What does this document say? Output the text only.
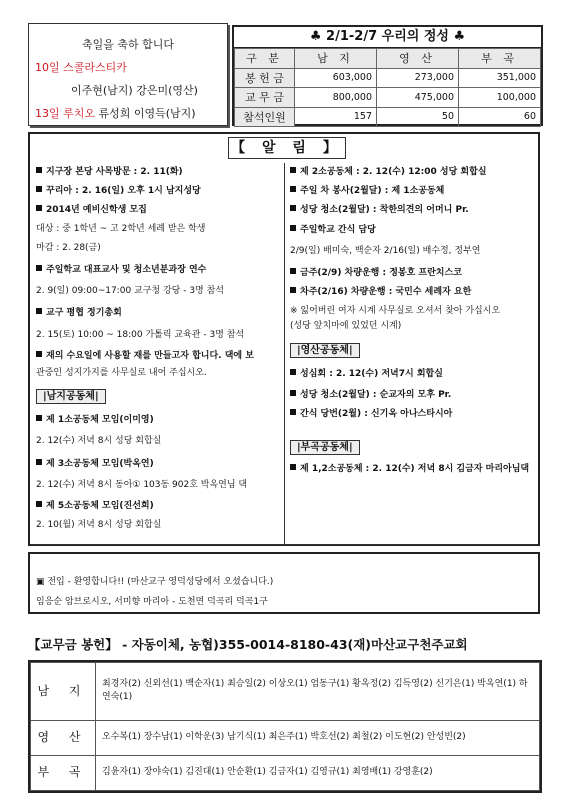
축일을 축하 합니다
10일 스콜라스티카
이주현(남지) 강은미(영산)
13일 루치오 류성희 이영득(남지)
♣ 2/1-2/7 우리의 정성 ♣
구 분	남 지	영 산	부 곡
봉 헌 금	603,000	273,000	351,000
교 무 금	800,000	475,000	100,000
참석인원	157	50	60
【 알 림 】
지구장 본당 사목방문 : 2. 11(화)
꾸리아 : 2. 16(일) 오후 1시 남지성당
2014년 예비신학생 모집
대상 : 중 1학년 ~ 고 2학년 세례 받은 학생
마감 : 2. 28(금)
주일학교 대표교사 및 청소년분과장 연수
2. 9(일) 09:00~17:00 교구청 강당 - 3명 참석
교구 평협 정기총회
2. 15(토) 10:00 ~ 18:00 가톨릭 교육관 - 3명 참석
재의 수요일에 사용할 재를 만들고자 합니다. 댁에 보
관중인 성지가지를 사무실로 내어 주십시오.
|남지공동체|
제 1소공동체 모임(이미영)
2. 12(수) 저녁 8시 성당 회합실
제 3소공동체 모임(박옥연)
2. 12(수) 저녁 8시 동아① 103동 902호 박옥연님 댁
제 5소공동체 모임(진선희)
2. 10(월) 저녁 8시 성당 회합실
제 2소공동체 : 2. 12(수) 12:00 성당 회합실
주일 차 봉사(2월달) : 제 1소공동체
성당 청소(2월달) : 착한의견의 어머니 Pr.
주일학교 간식 담당
2/9(일) 배미숙, 백순자 2/16(일) 배수정, 정부연
금주(2/9) 차량운행 : 정봉호 프란치스코
차주(2/16) 차량운행 : 국민수 세례자 요한
※ 잃어버린 여자 시계 사무실로 오셔서 찾아 가십시오
(성당 앞치마에 있었던 시계)
|영산공동체|
성심회 : 2. 12(수) 저녁7시 회합실
성당 청소(2월달) : 순교자의 모후 Pr.
간식 당번(2월) : 신기옥 아나스타시아
|부곡공동체|
제 1,2소공동체 : 2. 12(수) 저녁 8시 김금자 마리아님댁
▣ 전입 - 환영합니다!! (마산교구 영덕성당에서 오셨습니다.)
임응순 암브로시오, 서미향 마리아 - 도천면 덕곡리 덕곡1구
【교무금 봉헌】 - 자동이체, 농협)355-0014-8180-43(재)마산교구천주교회
남 지	최경자(2) 신외선(1) 백순자(1) 최승일(2) 이상오(1) 엄동구(1) 황옥정(2) 김득영(2) 신기은(1) 박옥연(1) 하연숙(1)
영 산	오수복(1) 장수남(1) 이학운(3) 남기식(1) 최은주(1) 박호선(2) 최철(2) 이도현(2) 안성빈(2)
부 곡	김윤자(1) 장야숙(1) 김진대(1) 안순환(1) 김금자(1) 김영규(1) 최영배(1) 강영훈(2)
